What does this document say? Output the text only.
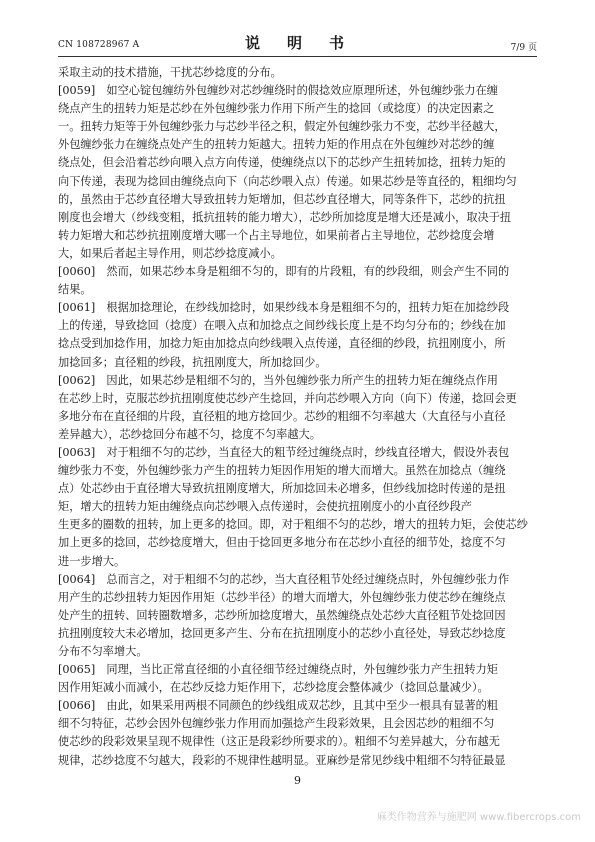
CN 108728967 A	说　明　书	7/9 页
采取主动的技术措施，干扰芯纱捻度的分布。
[0059]　如空心锭包缠纺外包缠纱对芯纱缠绕时的假捻效应原理所述，外包缠纱张力在缠
绕点产生的扭转力矩是芯纱在外包缠纱张力作用下所产生的捻回（或捻度）的决定因素之
一。扭转力矩等于外包缠纱张力与芯纱半径之积，假定外包缠纱张力不变，芯纱半径越大，
外包缠纱张力在缠绕点处产生的扭转力矩越大。扭转力矩的作用点在外包缠纱对芯纱的缠
绕点处，但会沿着芯纱向喂入点方向传递，使缠绕点以下的芯纱产生扭转加捻，扭转力矩的
向下传递，表现为捻回由缠绕点向下（向芯纱喂入点）传递。如果芯纱是等直径的，粗细均匀
的，虽然由于芯纱直径增大导致扭转力矩增加，但芯纱直径增大，同等条件下，芯纱的抗扭
刚度也会增大（纱线变粗，抵抗扭转的能力增大），芯纱所加捻度是增大还是减小，取决于扭
转力矩增大和芯纱抗扭刚度增大哪一个占主导地位，如果前者占主导地位，芯纱捻度会增
大，如果后者起主导作用，则芯纱捻度减小。
[0060]　然而，如果芯纱本身是粗细不匀的，即有的片段粗，有的纱段细，则会产生不同的
结果。
[0061]　根据加捻理论，在纱线加捻时，如果纱线本身是粗细不匀的，扭转力矩在加捻纱段
上的传递，导致捻回（捻度）在喂入点和加捻点之间纱线长度上是不均匀分布的；纱线在加
捻点受到加捻作用，加捻力矩由加捻点向纱线喂入点传递，直径细的纱段，抗扭刚度小，所
加捻回多；直径粗的纱段，抗扭刚度大，所加捻回少。
[0062]　因此，如果芯纱是粗细不匀的，当外包缠纱张力所产生的扭转力矩在缠绕点作用
在芯纱上时，克服芯纱抗扭刚度使芯纱产生捻回，并向芯纱喂入方向（向下）传递，捻回会更
多地分布在直径细的片段，直径粗的地方捻回少。芯纱的粗细不匀率越大（大直径与小直径
差异越大），芯纱捻回分布越不匀，捻度不匀率越大。
[0063]　对于粗细不匀的芯纱，当直径大的粗节经过缠绕点时，纱线直径增大，假设外表包
缠纱张力不变，外包缠纱张力产生的扭转力矩因作用矩的增大而增大。虽然在加捻点（缠绕
点）处芯纱由于直径增大导致抗扭刚度增大，所加捻回未必增多，但纱线加捻时传递的是扭
矩，增大的扭转力矩由缠绕点向芯纱喂入点传递时，会使抗扭刚度小的小直径纱段产
生更多的圈数的扭转，加上更多的捻回。即，对于粗细不匀的芯纱，增大的扭转力矩，会使芯纱
加上更多的捻回，芯纱捻度增大，但由于捻回更多地分布在芯纱小直径的细节处，捻度不匀
进一步增大。
[0064]　总而言之，对于粗细不匀的芯纱，当大直径粗节处经过缠绕点时，外包缠纱张力作
用产生的芯纱扭转力矩因作用矩（芯纱半径）的增大而增大，外包缠纱张力使芯纱在缠绕点
处产生的扭转、回转圈数增多，芯纱所加捻度增大，虽然缠绕点处芯纱大直径粗节处捻回因
抗扭刚度较大未必增加，捻回更多产生、分布在抗扭刚度小的芯纱小直径处，导致芯纱捻度
分布不匀率增大。
[0065]　同理，当比正常直径细的小直径细节经过缠绕点时，外包缠纱张力产生扭转力矩
因作用矩减小而减小，在芯纱反捻力矩作用下，芯纱捻度会整体减少（捻回总量减少）。
[0066]　由此，如果采用两根不同颜色的纱线组成双芯纱，且其中至少一根具有显著的粗
细不匀特征，芯纱会因外包缠纱张力作用而加强捻产生段彩效果，且会因芯纱的粗细不匀
使芯纱的段彩效果呈现不规律性（这正是段彩纱所要求的）。粗细不匀差异越大，分布越无
规律，芯纱捻度不匀越大，段彩的不规律性越明显。亚麻纱是常见纱线中粗细不匀特征最显
9
麻类作物营养与施肥网 www.fibercrops.com
